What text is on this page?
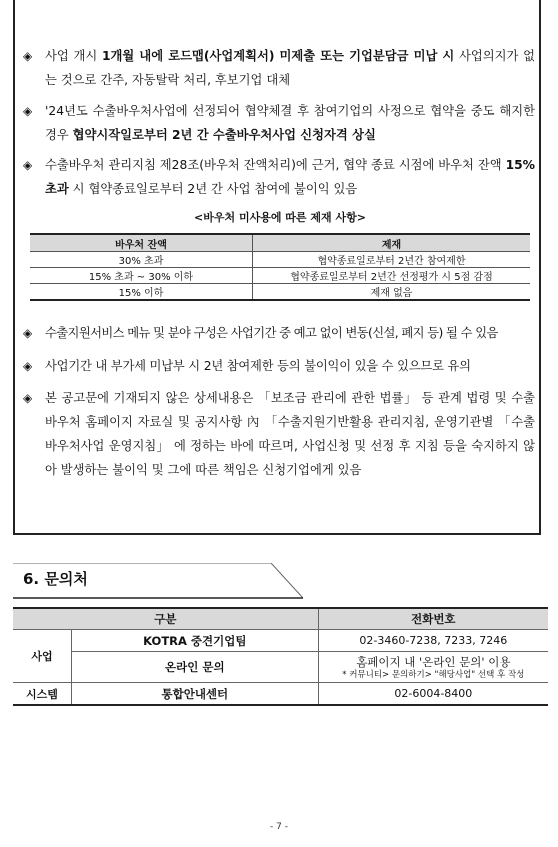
◈	사업 개시 1개월 내에 로드맵(사업계획서) 미제출 또는 기업분담금 미납 시 사업의지가 없는 것으로 간주, 자동탈락 처리, 후보기업 대체
◈	'24년도 수출바우처사업에 선정되어 협약체결 후 참여기업의 사정으로 협약을 중도 해지한 경우 협약시작일로부터 2년 간 수출바우처사업 신청자격 상실
◈	수출바우처 관리지침 제28조(바우처 잔액처리)에 근거, 협약 종료 시점에 바우처 잔액 15% 초과 시 협약종료일로부터 2년 간 사업 참여에 불이익 있음
<바우처 미사용에 따른 제재 사항>
바우처 잔액	제재
30% 초과	협약종료일로부터 2년간 참여제한
15% 초과 ~ 30% 이하	협약종료일로부터 2년간 선정평가 시 5점 감점
15% 이하	제재 없음
◈	수출지원서비스 메뉴 및 분야 구성은 사업기간 중 예고 없이 변동(신설, 폐지 등) 될 수 있음
◈	사업기간 내 부가세 미납부 시 2년 참여제한 등의 불이익이 있을 수 있으므로 유의
◈	본 공고문에 기재되지 않은 상세내용은 「보조금 관리에 관한 법률」 등 관계 법령 및 수출바우처 홈페이지 자료실 및 공지사항 內 「수출지원기반활용 관리지침, 운영기관별 「수출바우처사업 운영지침」 에 정하는 바에 따르며, 사업신청 및 선정 후 지침 등을 숙지하지 않아 발생하는 불이익 및 그에 따른 책임은 신청기업에게 있음
6. 문의처
구분		전화번호
사업	KOTRA 중견기업팀	02-3460-7238, 7233, 7246
	온라인 문의	홈페이지 내 '온라인 문의' 이용
* 커뮤니티> 문의하기> "해당사업" 선택 후 작성

시스템	통합안내센터	02-6004-8400
- 7 -
